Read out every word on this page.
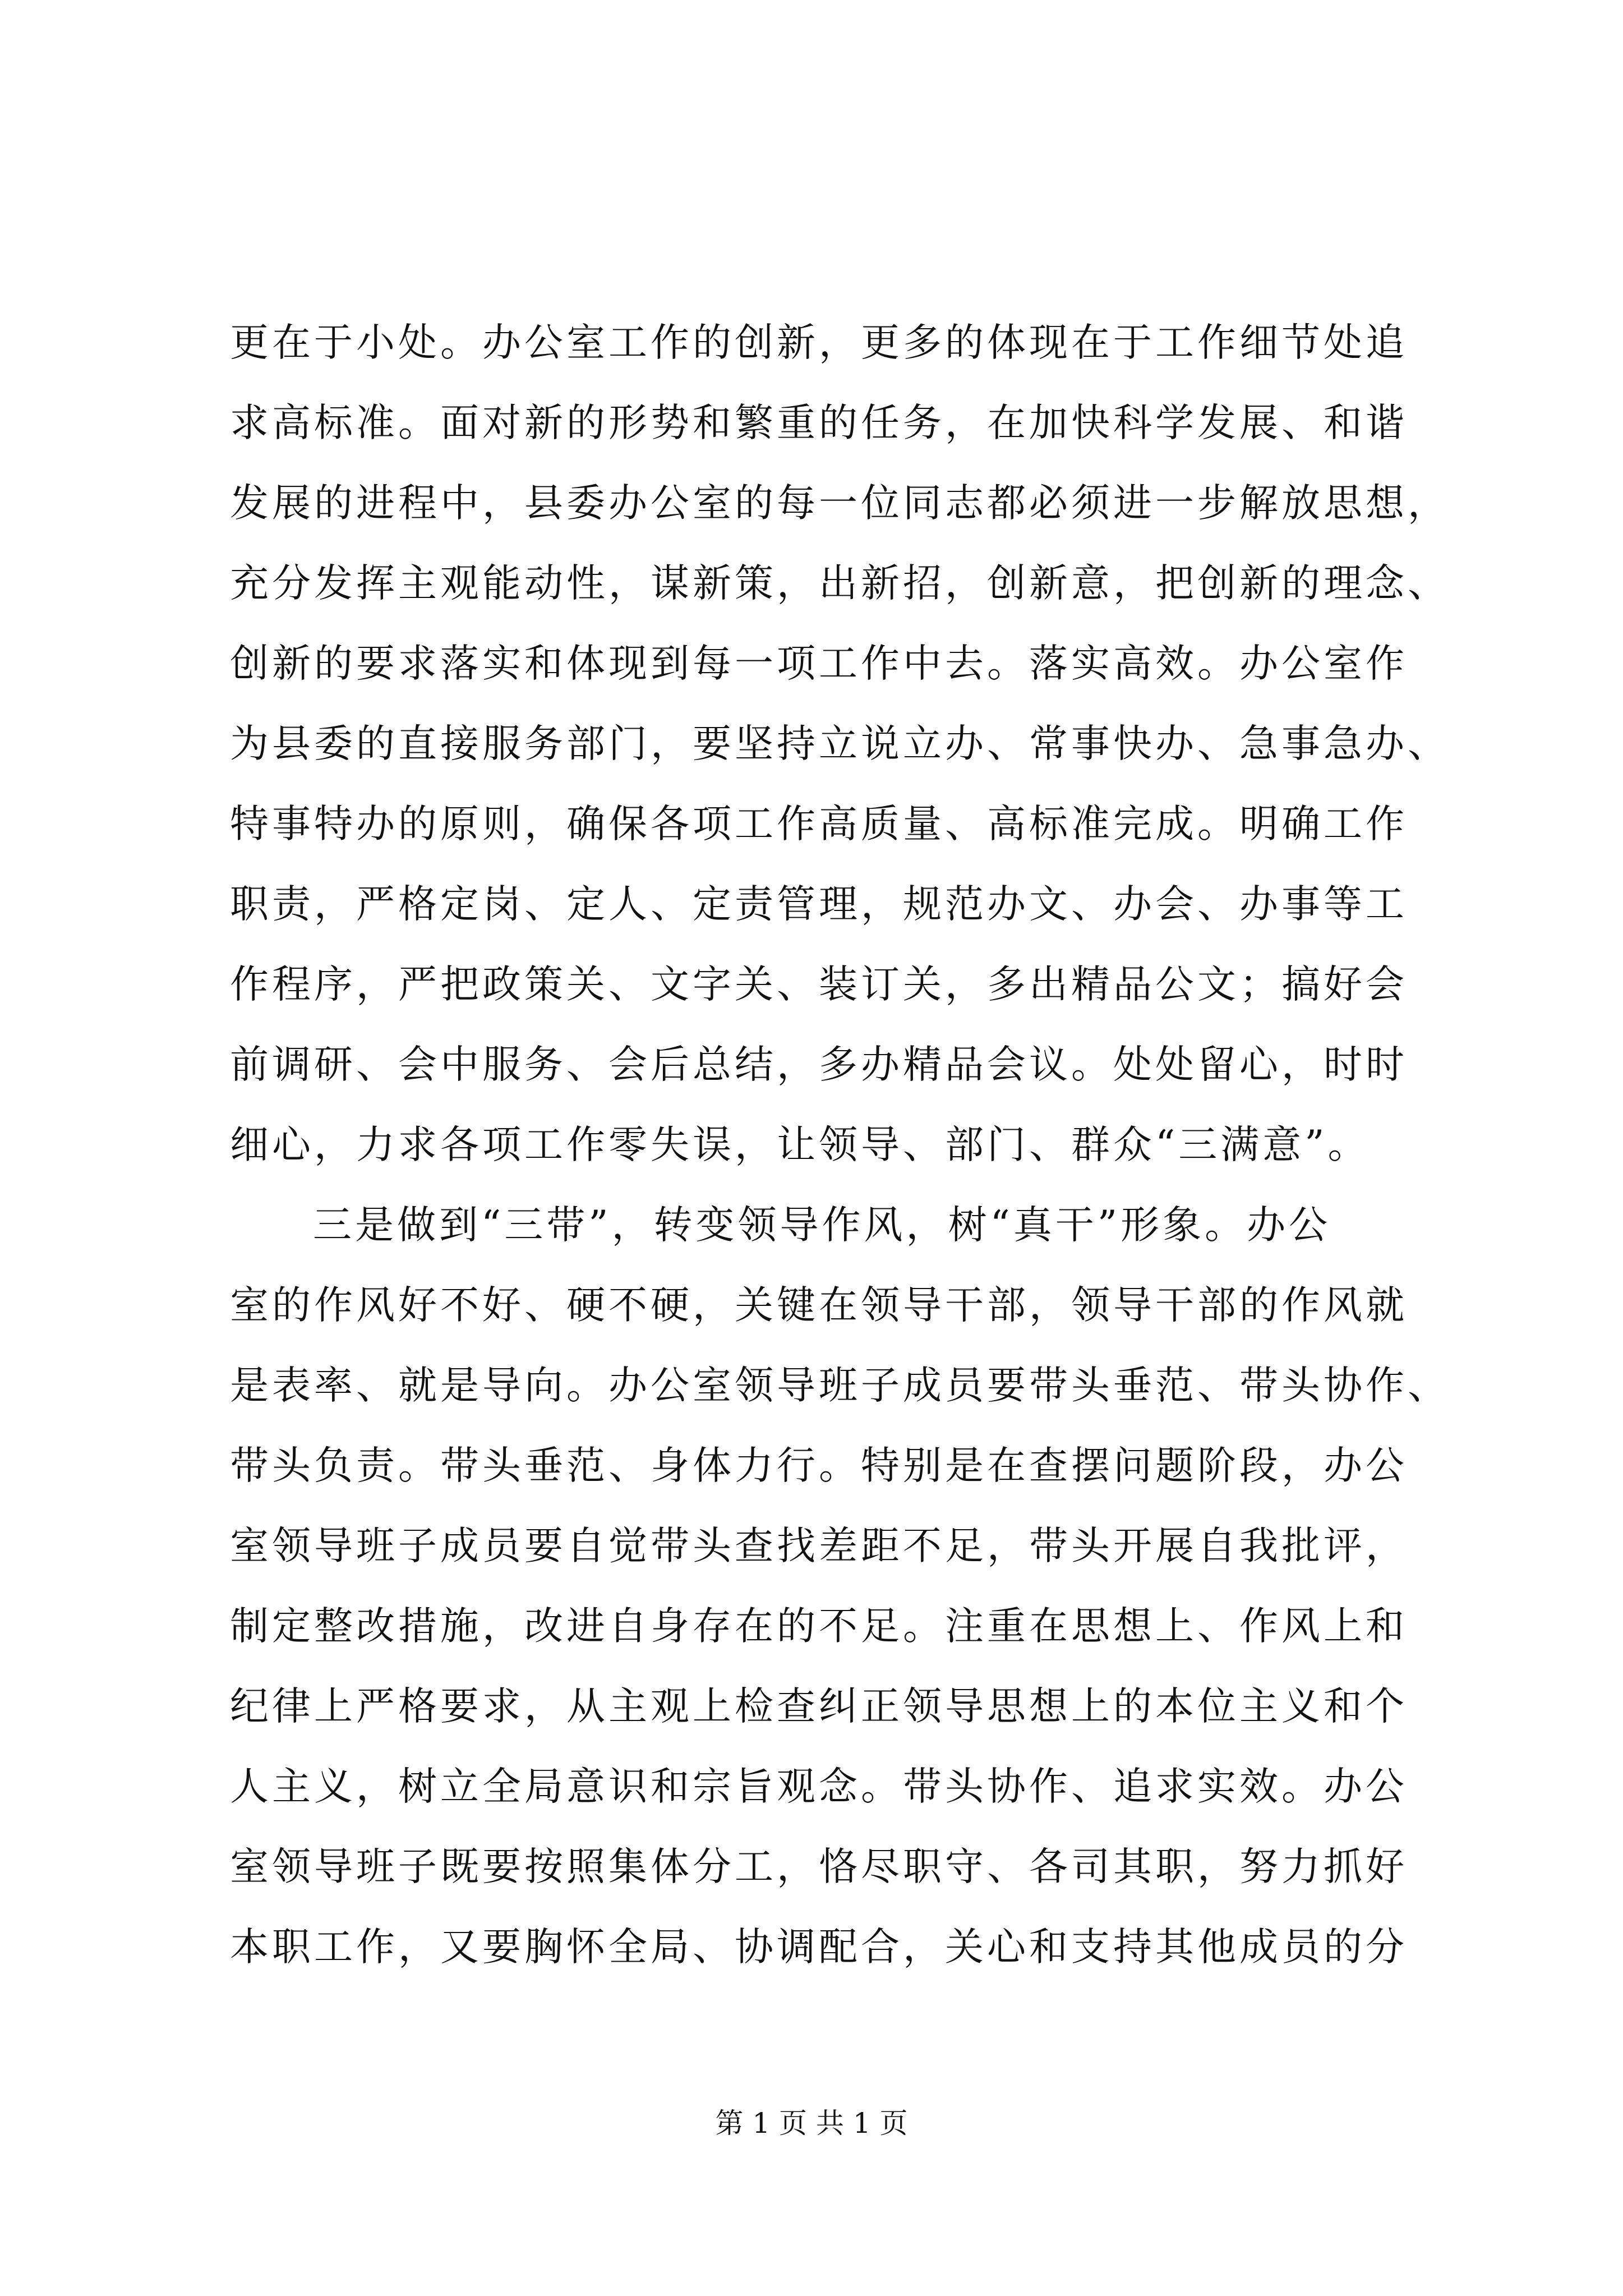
更在于小处。办公室工作的创新，更多的体现在于工作细节处追
求高标准。面对新的形势和繁重的任务，在加快科学发展、和谐
发展的进程中，县委办公室的每一位同志都必须进一步解放思想，
充分发挥主观能动性，谋新策，出新招，创新意，把创新的理念、
创新的要求落实和体现到每一项工作中去。落实高效。办公室作
为县委的直接服务部门，要坚持立说立办、常事快办、急事急办、
特事特办的原则，确保各项工作高质量、高标准完成。明确工作
职责，严格定岗、定人、定责管理，规范办文、办会、办事等工
作程序，严把政策关、文字关、装订关，多出精品公文；搞好会
前调研、会中服务、会后总结，多办精品会议。处处留心，时时
细心，力求各项工作零失误，让领导、部门、群众“三满意”。
三是做到“三带”，转变领导作风，树“真干”形象。办公
室的作风好不好、硬不硬，关键在领导干部，领导干部的作风就
是表率、就是导向。办公室领导班子成员要带头垂范、带头协作、
带头负责。带头垂范、身体力行。特别是在查摆问题阶段，办公
室领导班子成员要自觉带头查找差距不足，带头开展自我批评，
制定整改措施，改进自身存在的不足。注重在思想上、作风上和
纪律上严格要求，从主观上检查纠正领导思想上的本位主义和个
人主义，树立全局意识和宗旨观念。带头协作、追求实效。办公
室领导班子既要按照集体分工，恪尽职守、各司其职，努力抓好
本职工作，又要胸怀全局、协调配合，关心和支持其他成员的分
第 1 页 共 1 页
